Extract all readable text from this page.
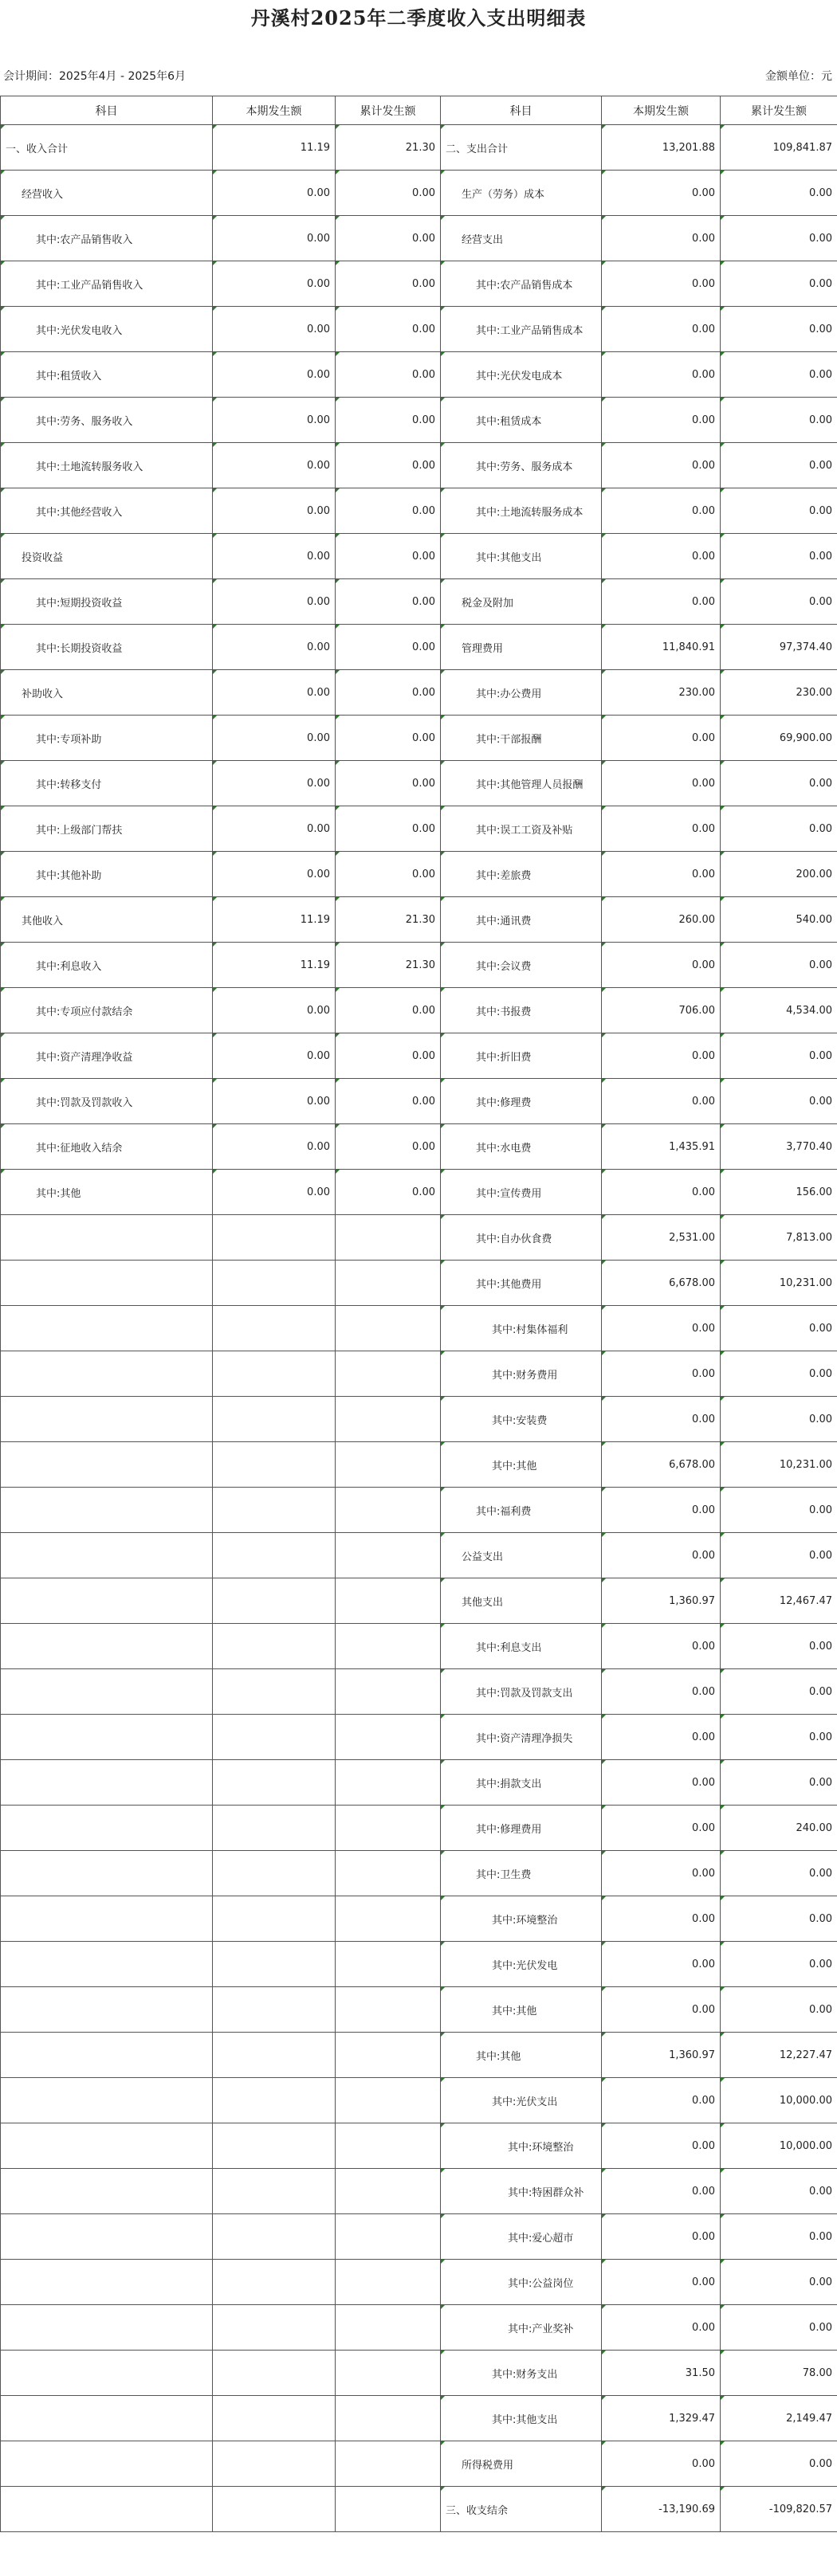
丹溪村2025年二季度收入支出明细表
会计期间：2025年4月 - 2025年6月	金额单位：元
科目	本期发生额	累计发生额	科目	本期发生额	累计发生额
一、收入合计	11.19	21.30	二、支出合计	13,201.88	109,841.87
经营收入	0.00	0.00	生产（劳务）成本	0.00	0.00
其中:农产品销售收入	0.00	0.00	经营支出	0.00	0.00
其中:工业产品销售收入	0.00	0.00	其中:农产品销售成本	0.00	0.00
其中:光伏发电收入	0.00	0.00	其中:工业产品销售成本	0.00	0.00
其中:租赁收入	0.00	0.00	其中:光伏发电成本	0.00	0.00
其中:劳务、服务收入	0.00	0.00	其中:租赁成本	0.00	0.00
其中:土地流转服务收入	0.00	0.00	其中:劳务、服务成本	0.00	0.00
其中:其他经营收入	0.00	0.00	其中:土地流转服务成本	0.00	0.00
投资收益	0.00	0.00	其中:其他支出	0.00	0.00
其中:短期投资收益	0.00	0.00	税金及附加	0.00	0.00
其中:长期投资收益	0.00	0.00	管理费用	11,840.91	97,374.40
补助收入	0.00	0.00	其中:办公费用	230.00	230.00
其中:专项补助	0.00	0.00	其中:干部报酬	0.00	69,900.00
其中:转移支付	0.00	0.00	其中:其他管理人员报酬	0.00	0.00
其中:上级部门帮扶	0.00	0.00	其中:误工工资及补贴	0.00	0.00
其中:其他补助	0.00	0.00	其中:差旅费	0.00	200.00
其他收入	11.19	21.30	其中:通讯费	260.00	540.00
其中:利息收入	11.19	21.30	其中:会议费	0.00	0.00
其中:专项应付款结余	0.00	0.00	其中:书报费	706.00	4,534.00
其中:资产清理净收益	0.00	0.00	其中:折旧费	0.00	0.00
其中:罚款及罚款收入	0.00	0.00	其中:修理费	0.00	0.00
其中:征地收入结余	0.00	0.00	其中:水电费	1,435.91	3,770.40
其中:其他	0.00	0.00	其中:宣传费用	0.00	156.00
			其中:自办伙食费	2,531.00	7,813.00
			其中:其他费用	6,678.00	10,231.00
			其中:村集体福利	0.00	0.00
			其中:财务费用	0.00	0.00
			其中:安装费	0.00	0.00
			其中:其他	6,678.00	10,231.00
			其中:福利费	0.00	0.00
			公益支出	0.00	0.00
			其他支出	1,360.97	12,467.47
			其中:利息支出	0.00	0.00
			其中:罚款及罚款支出	0.00	0.00
			其中:资产清理净损失	0.00	0.00
			其中:捐款支出	0.00	0.00
			其中:修理费用	0.00	240.00
			其中:卫生费	0.00	0.00
			其中:环境整治	0.00	0.00
			其中:光伏发电	0.00	0.00
			其中:其他	0.00	0.00
			其中:其他	1,360.97	12,227.47
			其中:光伏支出	0.00	10,000.00
			其中:环境整治	0.00	10,000.00
			其中:特困群众补	0.00	0.00
			其中:爱心超市	0.00	0.00
			其中:公益岗位	0.00	0.00
			其中:产业奖补	0.00	0.00
			其中:财务支出	31.50	78.00
			其中:其他支出	1,329.47	2,149.47
			所得税费用	0.00	0.00
			三、收支结余	-13,190.69	-109,820.57
